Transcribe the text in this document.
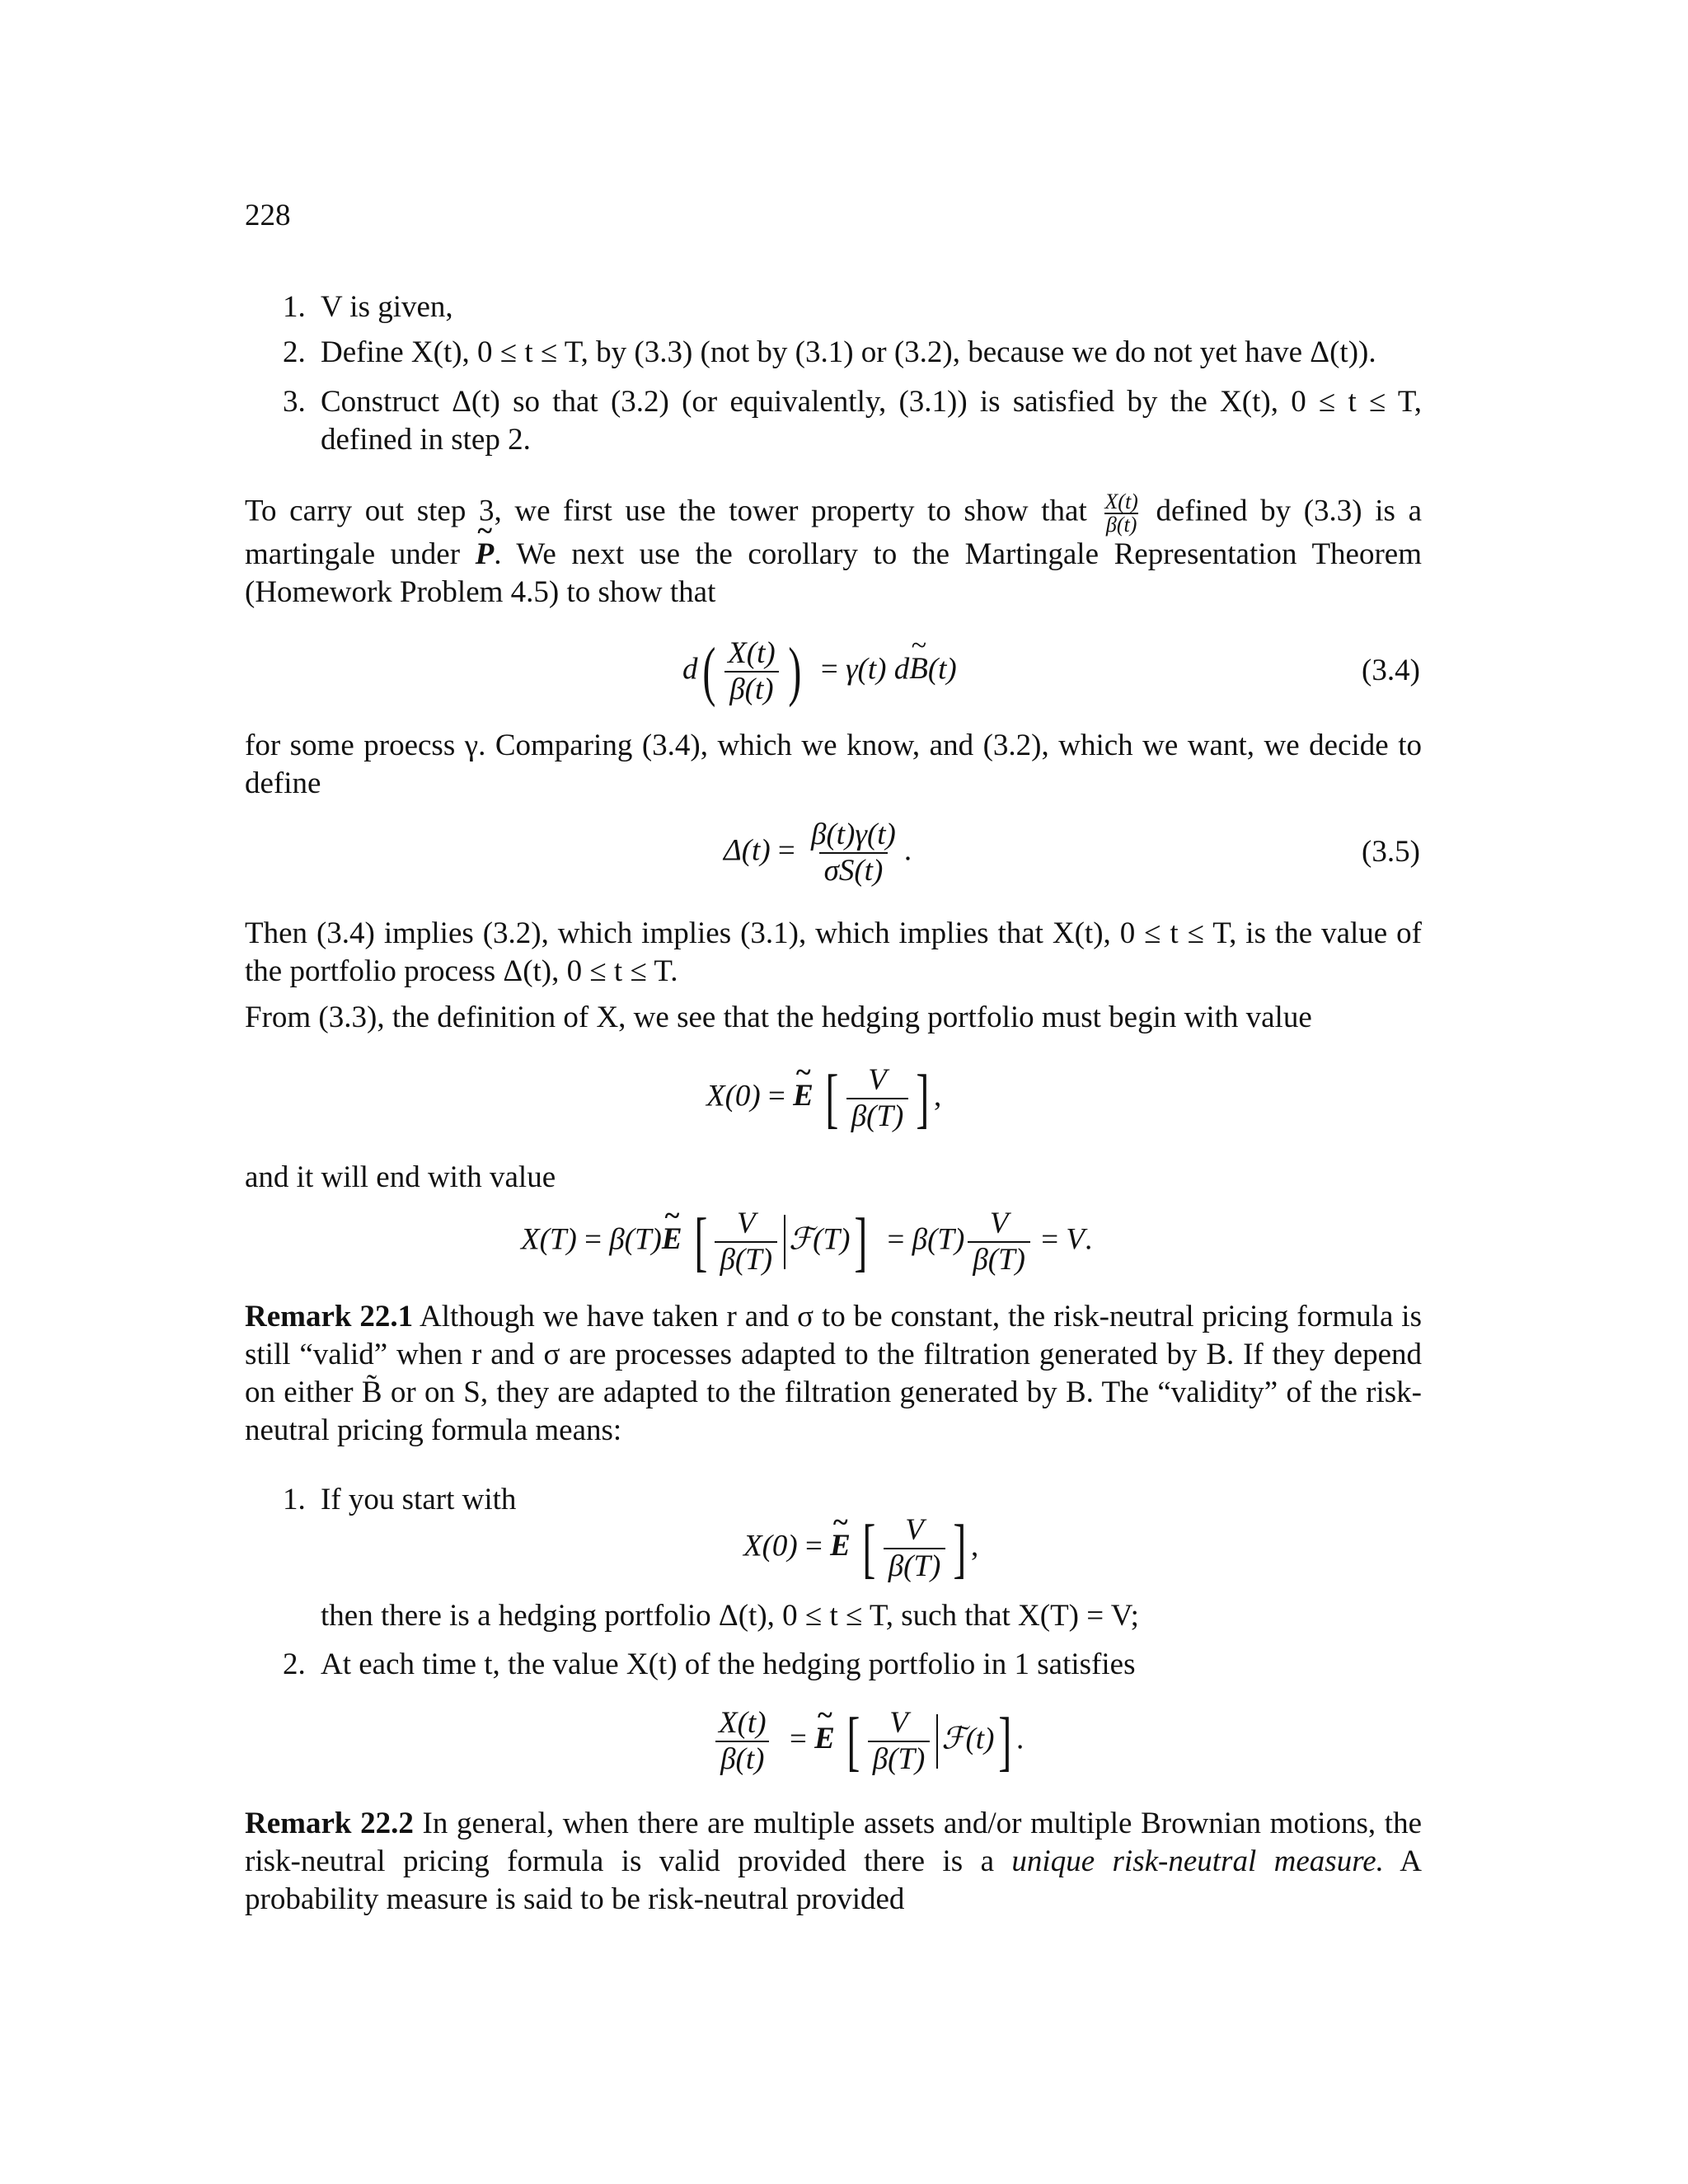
228
1. V is given,
2. Define X(t), 0 ≤ t ≤ T, by (3.3) (not by (3.1) or (3.2), because we do not yet have Δ(t)).
3. Construct Δ(t) so that (3.2) (or equivalently, (3.1)) is satisfied by the X(t), 0 ≤ t ≤ T, defined in step 2.
To carry out step 3, we first use the tower property to show that $\frac{X(t)}{\beta(t)}$ defined by (3.3) is a martingale under ~ P. We next use the corollary to the Martingale Representation Theorem (Homework Problem 4.5) to show that
$d( \frac{X(t)}{\beta(t)}$ )  = γ(t) d~ B(t)	(3.4)
for some proecss γ. Comparing (3.4), which we know, and (3.2), which we want, we decide to define
$\Delta(t) = \frac{\beta(t)\gamma(t)}{\sigma S(t)}$ .	(3.5)
Then (3.4) implies (3.2), which implies (3.1), which implies that X(t), 0 ≤ t ≤ T, is the value of the portfolio process Δ(t), 0 ≤ t ≤ T.
From (3.3), the definition of X, we see that the hedging portfolio must begin with value
X(0) = ~ E [ $\frac{V}{\beta(T)}$ ] ,
and it will end with value
X(T) = β(T)~ E [ $\frac{V}{\beta(T)}$ ℱ(T)]  = $\beta(T) \frac{V}{\beta(T)} = V$.
Remark 22.1 Although we have taken r and σ to be constant, the risk-neutral pricing formula is still “valid” when r and σ are processes adapted to the filtration generated by B. If they depend on either B̃ or on S, they are adapted to the filtration generated by B. The “validity” of the risk-neutral pricing formula means:
1. If you start with
X(0) = ~ E [ $\frac{V}{\beta(T)}$ ] ,
then there is a hedging portfolio Δ(t), 0 ≤ t ≤ T, such that X(T) = V;
2. At each time t, the value X(t) of the hedging portfolio in 1 satisfies
$\frac{X(t)}{\beta(t)}$ = ~ E [ $\frac{V}{\beta(T)}$ ℱ(t)] .
Remark 22.2 In general, when there are multiple assets and/or multiple Brownian motions, the risk-neutral pricing formula is valid provided there is a unique risk-neutral measure. A probability measure is said to be risk-neutral provided
